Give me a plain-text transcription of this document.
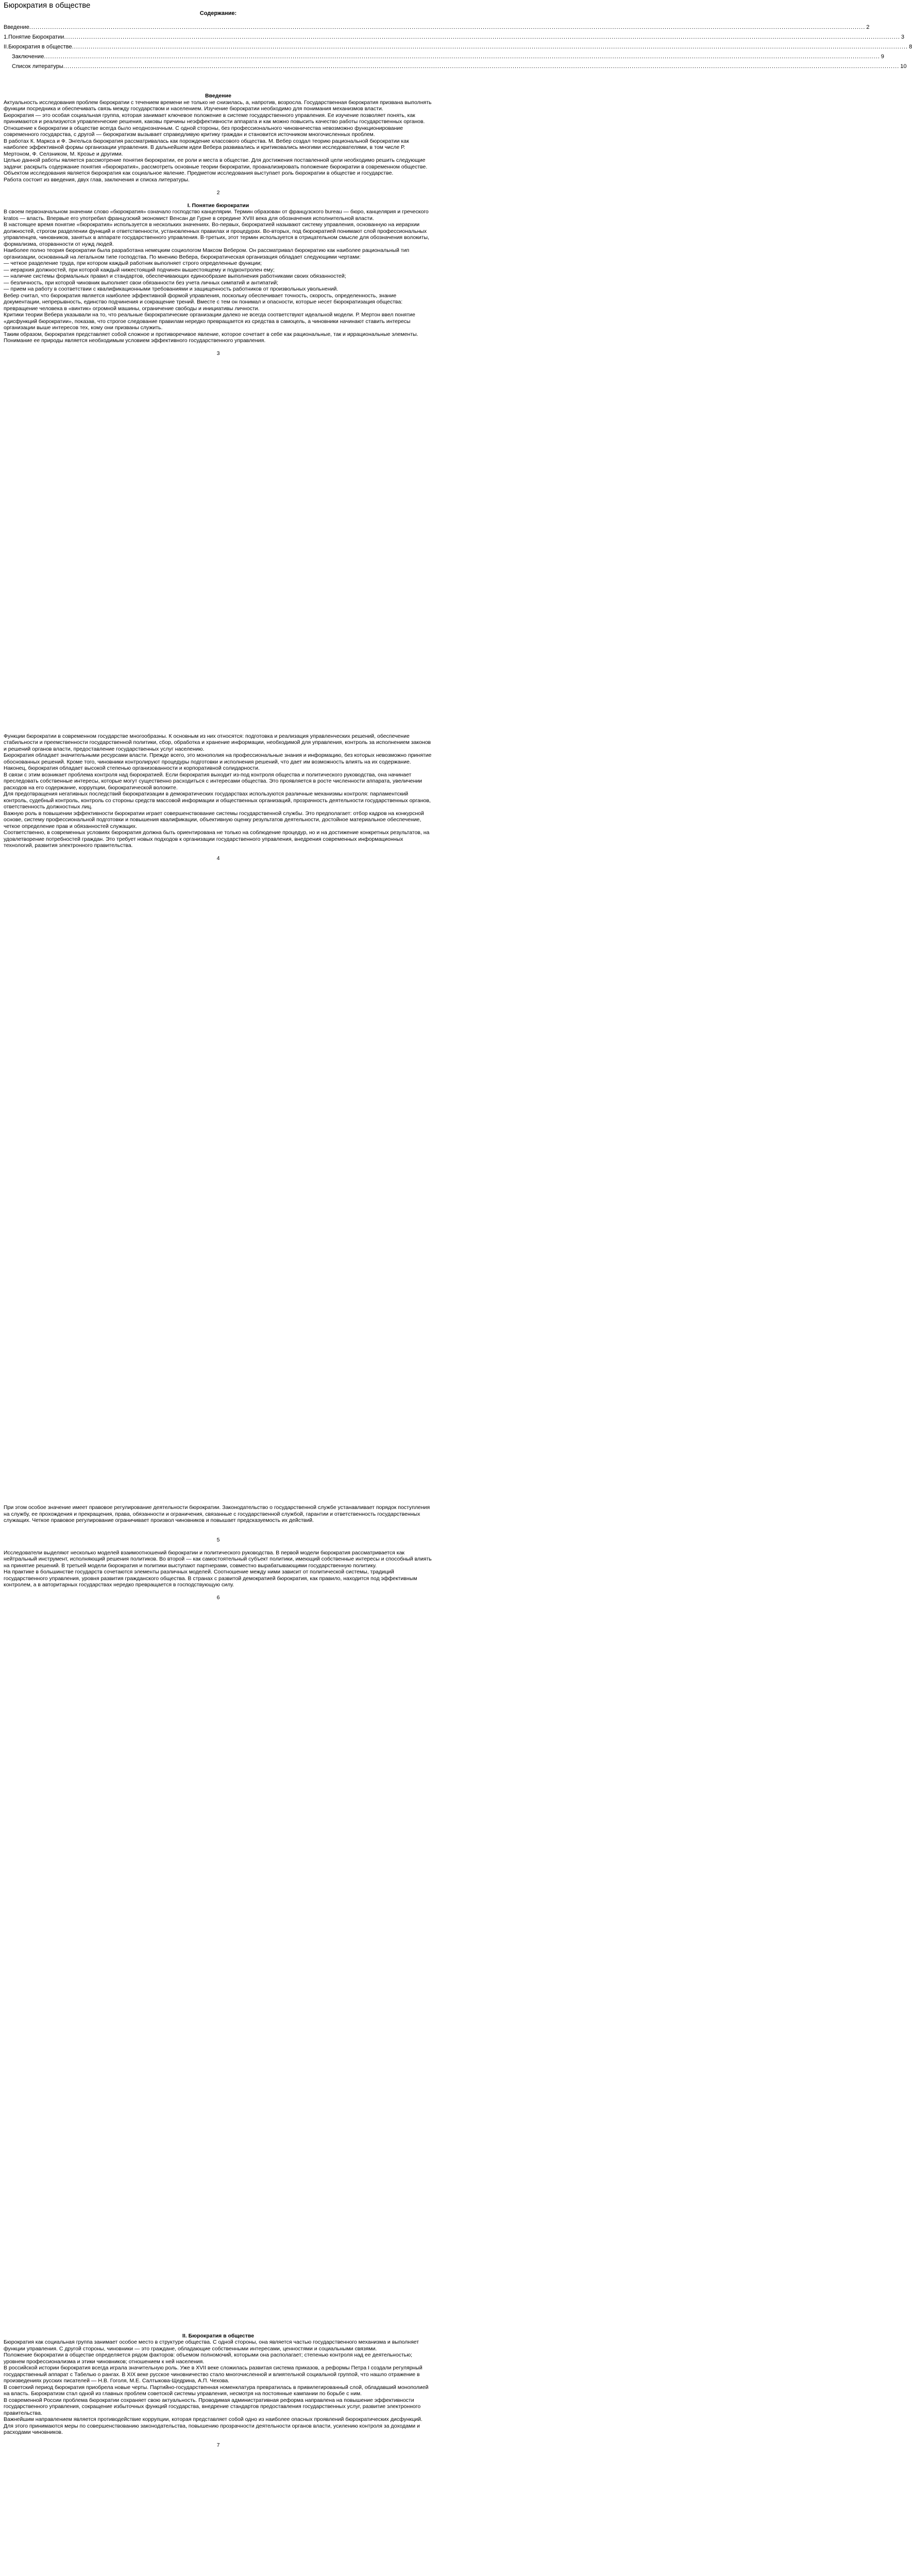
Бюрократия в обществе
Содержание:
Введение ................................................................................................................................................................................................................................................................................................................................................................................................................ 2
1.Понятие Бюрократии ................................................................................................................................................................................................................................................................................................................................................................................................................ 3
II.Бюрократия в обществе ................................................................................................................................................................................................................................................................................................................................................................................................................ 8
Заключение ................................................................................................................................................................................................................................................................................................................................................................................................................ 9
Список литературы ................................................................................................................................................................................................................................................................................................................................................................................................................ 10

Введение

Актуальность исследования проблем бюрократии с течением времени не только не снизилась, а, напротив, возросла. Государственная бюрократия призвана выполнять функции посредника и обеспечивать связь между государством и населением. Изучение бюрократии необходимо для понимания механизмов власти.

Бюрократия — это особая социальная группа, которая занимает ключевое положение в системе государственного управления. Ее изучение позволяет понять, как принимаются и реализуются управленческие решения, каковы причины неэффективности аппарата и как можно повысить качество работы государственных органов.

Отношение к бюрократии в обществе всегда было неоднозначным. С одной стороны, без профессионального чиновничества невозможно функционирование современного государства, с другой — бюрократизм вызывает справедливую критику граждан и становится источником многочисленных проблем.

В работах К. Маркса и Ф. Энгельса бюрократия рассматривалась как порождение классового общества. М. Вебер создал теорию рациональной бюрократии как наиболее эффективной формы организации управления. В дальнейшем идеи Вебера развивались и критиковались многими исследователями, в том числе Р. Мертоном, Ф. Селзником, М. Крозье и другими.

Целью данной работы является рассмотрение понятия бюрократии, ее роли и места в обществе. Для достижения поставленной цели необходимо решить следующие задачи: раскрыть содержание понятия «бюрократия», рассмотреть основные теории бюрократии, проанализировать положение бюрократии в современном обществе.

Объектом исследования является бюрократия как социальное явление. Предметом исследования выступает роль бюрократии в обществе и государстве.

Работа состоит из введения, двух глав, заключения и списка литературы.

2

I. Понятие бюрократии

В своем первоначальном значении слово «бюрократия» означало господство канцелярии. Термин образован от французского bureau — бюро, канцелярия и греческого kratos — власть. Впервые его употребил французский экономист Венсан де Гурне в середине XVIII века для обозначения исполнительной власти.

В настоящее время понятие «бюрократия» используется в нескольких значениях. Во-первых, бюрократией называют систему управления, основанную на иерархии должностей, строгом разделении функций и ответственности, установленных правилах и процедурах. Во-вторых, под бюрократией понимают слой профессиональных управленцев, чиновников, занятых в аппарате государственного управления. В-третьих, этот термин используется в отрицательном смысле для обозначения волокиты, формализма, оторванности от нужд людей.

Наиболее полно теория бюрократии была разработана немецким социологом Максом Вебером. Он рассматривал бюрократию как наиболее рациональный тип организации, основанный на легальном типе господства. По мнению Вебера, бюрократическая организация обладает следующими чертами:

— четкое разделение труда, при котором каждый работник выполняет строго определенные функции;

— иерархия должностей, при которой каждый нижестоящий подчинен вышестоящему и подконтролен ему;

— наличие системы формальных правил и стандартов, обеспечивающих единообразие выполнения работниками своих обязанностей;

— безличность, при которой чиновник выполняет свои обязанности без учета личных симпатий и антипатий;

— прием на работу в соответствии с квалификационными требованиями и защищенность работников от произвольных увольнений.

Вебер считал, что бюрократия является наиболее эффективной формой управления, поскольку обеспечивает точность, скорость, определенность, знание документации, непрерывность, единство подчинения и сокращение трений. Вместе с тем он понимал и опасности, которые несет бюрократизация общества: превращение человека в «винтик» огромной машины, ограничение свободы и инициативы личности.

Критики теории Вебера указывали на то, что реальные бюрократические организации далеко не всегда соответствуют идеальной модели. Р. Мертон ввел понятие «дисфункций бюрократии», показав, что строгое следование правилам нередко превращается из средства в самоцель, а чиновники начинают ставить интересы организации выше интересов тех, кому они призваны служить.

Таким образом, бюрократия представляет собой сложное и противоречивое явление, которое сочетает в себе как рациональные, так и иррациональные элементы. Понимание ее природы является необходимым условием эффективного государственного управления.

3

Функции бюрократии в современном государстве многообразны. К основным из них относятся: подготовка и реализация управленческих решений, обеспечение стабильности и преемственности государственной политики, сбор, обработка и хранение информации, необходимой для управления, контроль за исполнением законов и решений органов власти, предоставление государственных услуг населению.

Бюрократия обладает значительными ресурсами власти. Прежде всего, это монополия на профессиональные знания и информацию, без которых невозможно принятие обоснованных решений. Кроме того, чиновники контролируют процедуры подготовки и исполнения решений, что дает им возможность влиять на их содержание. Наконец, бюрократия обладает высокой степенью организованности и корпоративной солидарности.

В связи с этим возникает проблема контроля над бюрократией. Если бюрократия выходит из-под контроля общества и политического руководства, она начинает преследовать собственные интересы, которые могут существенно расходиться с интересами общества. Это проявляется в росте численности аппарата, увеличении расходов на его содержание, коррупции, бюрократической волоките.

Для предотвращения негативных последствий бюрократизации в демократических государствах используются различные механизмы контроля: парламентский контроль, судебный контроль, контроль со стороны средств массовой информации и общественных организаций, прозрачность деятельности государственных органов, ответственность должностных лиц.

Важную роль в повышении эффективности бюрократии играет совершенствование системы государственной службы. Это предполагает: отбор кадров на конкурсной основе, систему профессиональной подготовки и повышения квалификации, объективную оценку результатов деятельности, достойное материальное обеспечение, четкое определение прав и обязанностей служащих.

Соответственно, в современных условиях бюрократия должна быть ориентирована не только на соблюдение процедур, но и на достижение конкретных результатов, на удовлетворение потребностей граждан. Это требует новых подходов к организации государственного управления, внедрения современных информационных технологий, развития электронного правительства.

4

При этом особое значение имеет правовое регулирование деятельности бюрократии. Законодательство о государственной службе устанавливает порядок поступления на службу, ее прохождения и прекращения, права, обязанности и ограничения, связанные с государственной службой, гарантии и ответственность государственных служащих. Четкое правовое регулирование ограничивает произвол чиновников и повышает предсказуемость их действий.

5

Исследователи выделяют несколько моделей взаимоотношений бюрократии и политического руководства. В первой модели бюрократия рассматривается как нейтральный инструмент, исполняющий решения политиков. Во второй — как самостоятельный субъект политики, имеющий собственные интересы и способный влиять на принятие решений. В третьей модели бюрократия и политики выступают партнерами, совместно вырабатывающими государственную политику.

На практике в большинстве государств сочетаются элементы различных моделей. Соотношение между ними зависит от политической системы, традиций государственного управления, уровня развития гражданского общества. В странах с развитой демократией бюрократия, как правило, находится под эффективным контролем, а в авторитарных государствах нередко превращается в господствующую силу.

6

II. Бюрократия в обществе

Бюрократия как социальная группа занимает особое место в структуре общества. С одной стороны, она является частью государственного механизма и выполняет функции управления. С другой стороны, чиновники — это граждане, обладающие собственными интересами, ценностями и социальными связями.

Положение бюрократии в обществе определяется рядом факторов: объемом полномочий, которыми она располагает; степенью контроля над ее деятельностью; уровнем профессионализма и этики чиновников; отношением к ней населения.

В российской истории бюрократия всегда играла значительную роль. Уже в XVII веке сложилась развитая система приказов, а реформы Петра I создали регулярный государственный аппарат с Табелью о рангах. В XIX веке русское чиновничество стало многочисленной и влиятельной социальной группой, что нашло отражение в произведениях русских писателей — Н.В. Гоголя, М.Е. Салтыкова-Щедрина, А.П. Чехова.

В советский период бюрократия приобрела новые черты. Партийно-государственная номенклатура превратилась в привилегированный слой, обладавший монополией на власть. Бюрократизм стал одной из главных проблем советской системы управления, несмотря на постоянные кампании по борьбе с ним.

В современной России проблема бюрократии сохраняет свою актуальность. Проводимая административная реформа направлена на повышение эффективности государственного управления, сокращение избыточных функций государства, внедрение стандартов предоставления государственных услуг, развитие электронного правительства.

Важнейшим направлением является противодействие коррупции, которая представляет собой одно из наиболее опасных проявлений бюрократических дисфункций. Для этого принимаются меры по совершенствованию законодательства, повышению прозрачности деятельности органов власти, усилению контроля за доходами и расходами чиновников.

7
